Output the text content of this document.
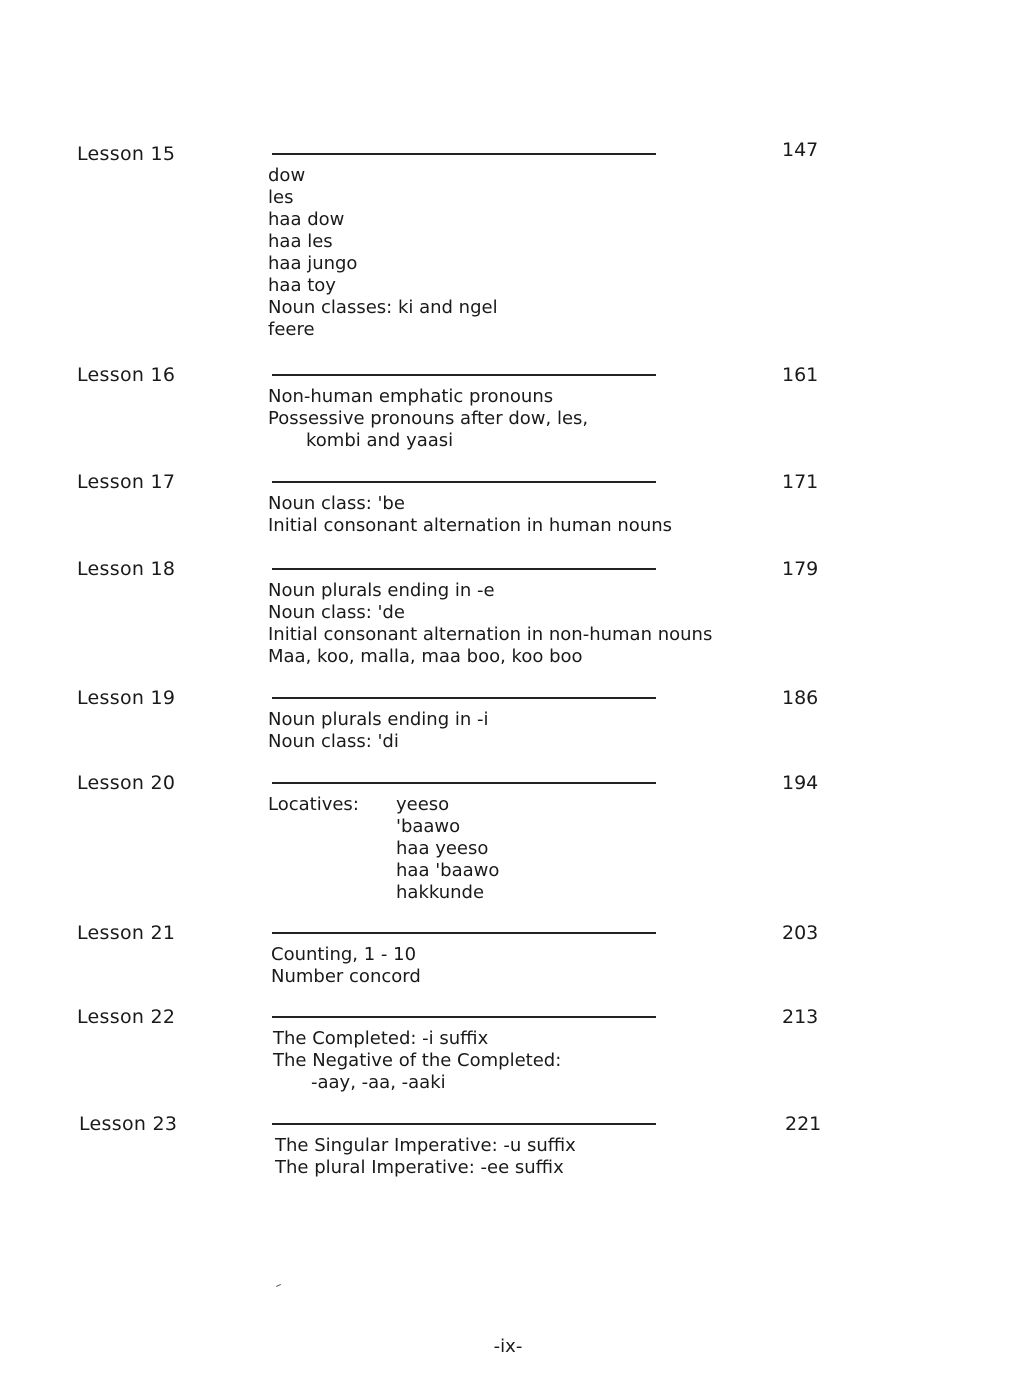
Lesson 15	147
dow
les
haa dow
haa les
haa jungo
haa toy
Noun classes: ki and ngel
feere
Lesson 16	161
Non-human emphatic pronouns
Possessive pronouns after dow, les,
kombi and yaasi
Lesson 17	171
Noun class: 'be
Initial consonant alternation in human nouns
Lesson 18	179
Noun plurals ending in -e
Noun class: 'de
Initial consonant alternation in non-human nouns
Maa, koo, malla, maa boo, koo boo
Lesson 19	186
Noun plurals ending in -i
Noun class: 'di
Lesson 20	194
Locatives:	yeeso
'baawo
haa yeeso
haa 'baawo
hakkunde
Lesson 21	203
Counting, 1 - 10
Number concord
Lesson 22	213
The Completed: -i suffix
The Negative of the Completed:
-aay, -aa, -aaki
Lesson 23	221
The Singular Imperative: -u suffix
The plural Imperative: -ee suffix
-ix-
